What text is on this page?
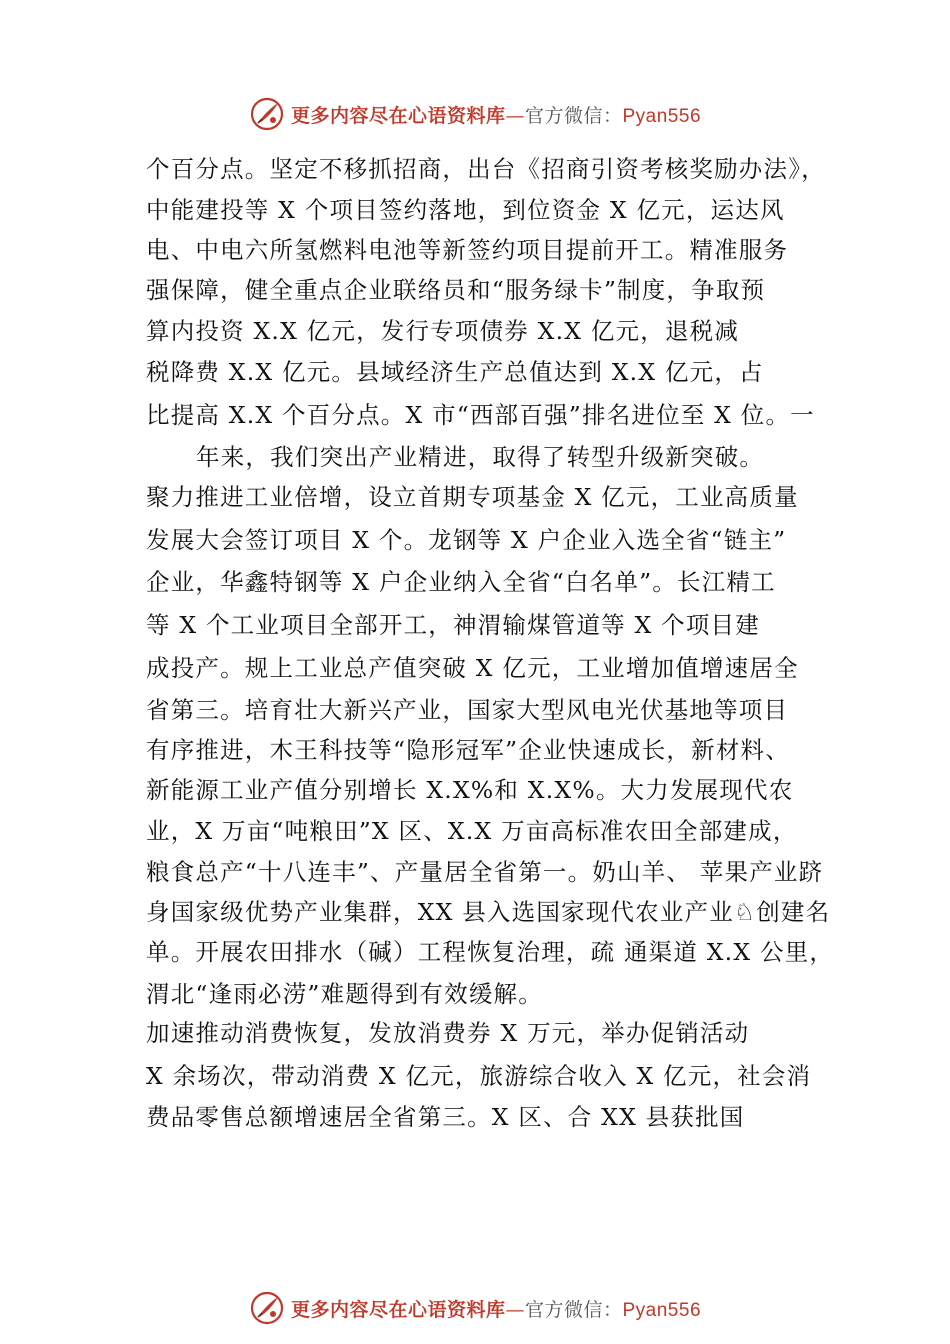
更多内容尽在心语资料库—官方微信：Pyan556
个百分点。坚定不移抓招商，出台《招商引资考核奖励办法》，
中能建投等 X 个项目签约落地，到位资金 X 亿元，运达风
电、中电六所氢燃料电池等新签约项目提前开工。精准服务
强保障，健全重点企业联络员和“服务绿卡”制度，争取预
算内投资 X.X 亿元，发行专项债券 X.X 亿元，退税减
税降费 X.X 亿元。县域经济生产总值达到 X.X 亿元，占
比提高 X.X 个百分点。X 市“西部百强”排名进位至 X 位。一
年来，我们突出产业精进，取得了转型升级新突破。
聚力推进工业倍增，设立首期专项基金 X 亿元，工业高质量
发展大会签订项目 X 个。龙钢等 X 户企业入选全省“链主”
企业，华鑫特钢等 X 户企业纳入全省“白名单”。长江精工
等 X 个工业项目全部开工，神渭输煤管道等 X 个项目建
成投产。规上工业总产值突破 X 亿元，工业增加值增速居全
省第三。培育壮大新兴产业，国家大型风电光伏基地等项目
有序推进，木王科技等“隐形冠军”企业快速成长，新材料、
新能源工业产值分别增长 X.X%和 X.X%。大力发展现代农
业，X 万亩“吨粮田”X 区、X.X 万亩高标准农田全部建成，
粮食总产“十八连丰”、产量居全省第一。奶山羊、 苹果产业跻
身国家级优势产业集群，XX 县入选国家现代农业产业♘创建名
单。开展农田排水（碱）工程恢复治理，疏 通渠道 X.X 公里，
渭北“逢雨必涝”难题得到有效缓解。
加速推动消费恢复，发放消费券 X 万元，举办促销活动
X 余场次，带动消费 X 亿元，旅游综合收入 X 亿元，社会消
费品零售总额增速居全省第三。X 区、合 XX 县获批国
更多内容尽在心语资料库—官方微信：Pyan556
